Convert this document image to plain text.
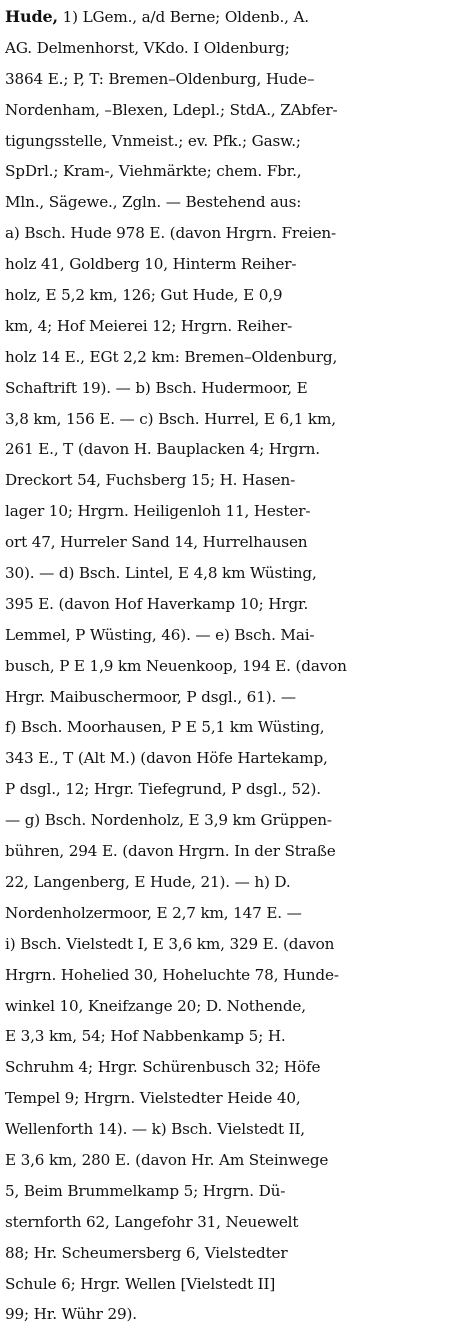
Hude, 1) LGem., a/d Berne; Oldenb., A.
AG. Delmenhorst, VKdo. I Oldenburg;
3864 E.; P, T: Bremen–Oldenburg, Hude–
Nordenham, –Blexen, Ldepl.; StdA., ZAbfer-
tigungsstelle, Vnmeist.; ev. Pfk.; Gasw.;
SpDrl.; Kram-, Viehmärkte; chem. Fbr.,
Mln., Sägewe., Zgln. — Bestehend aus:
a) Bsch. Hude 978 E. (davon Hrgrn. Freien-
holz 41, Goldberg 10, Hinterm Reiher-
holz, E 5,2 km, 126; Gut Hude, E 0,9
km, 4; Hof Meierei 12; Hrgrn. Reiher-
holz 14 E., EGt 2,2 km: Bremen–Oldenburg,
Schaftrift 19). — b) Bsch. Hudermoor, E
3,8 km, 156 E. — c) Bsch. Hurrel, E 6,1 km,
261 E., T (davon H. Bauplacken 4; Hrgrn.
Dreckort 54, Fuchsberg 15; H. Hasen-
lager 10; Hrgrn. Heiligenloh 11, Hester-
ort 47, Hurreler Sand 14, Hurrelhausen
30). — d) Bsch. Lintel, E 4,8 km Wüsting,
395 E. (davon Hof Haverkamp 10; Hrgr.
Lemmel, P Wüsting, 46). — e) Bsch. Mai-
busch, P E 1,9 km Neuenkoop, 194 E. (davon
Hrgr. Maibuschermoor, P dsgl., 61). —
f) Bsch. Moorhausen, P E 5,1 km Wüsting,
343 E., T (Alt M.) (davon Höfe Hartekamp,
P dsgl., 12; Hrgr. Tiefegrund, P dsgl., 52).
— g) Bsch. Nordenholz, E 3,9 km Grüppen-
bühren, 294 E. (davon Hrgrn. In der Straße
22, Langenberg, E Hude, 21). — h) D.
Nordenholzermoor, E 2,7 km, 147 E. —
i) Bsch. Vielstedt I, E 3,6 km, 329 E. (davon
Hrgrn. Hohelied 30, Hoheluchte 78, Hunde-
winkel 10, Kneifzange 20; D. Nothende,
E 3,3 km, 54; Hof Nabbenkamp 5; H.
Schruhm 4; Hrgr. Schürenbusch 32; Höfe
Tempel 9; Hrgrn. Vielstedter Heide 40,
Wellenforth 14). — k) Bsch. Vielstedt II,
E 3,6 km, 280 E. (davon Hr. Am Steinwege
5, Beim Brummelkamp 5; Hrgrn. Dü-
sternforth 62, Langefohr 31, Neuewelt
88; Hr. Scheumersberg 6, Vielstedter
Schule 6; Hrgr. Wellen [Vielstedt II]
99; Hr. Wühr 29).
